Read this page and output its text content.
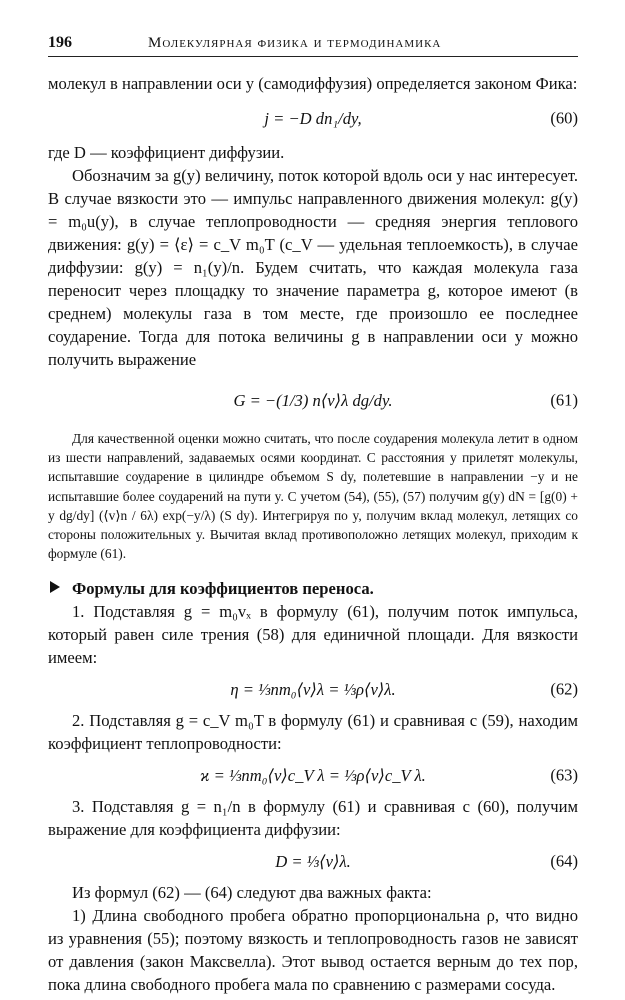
196	Молекулярная физика и термодинамика

молекул в направлении оси y (самодиффузия) определяется законом Фика:

j = −D dn₁/dy,	(60)

где D — коэффициент диффузии.

Обозначим за g(y) величину, поток которой вдоль оси y нас интересует. В случае вязкости это — импульс направленного движения молекул: g(y) = m₀u(y), в случае теплопроводности — средняя энергия теплового движения: g(y) = ⟨ε⟩ = c_V m₀T (c_V — удельная теплоемкость), в случае диффузии: g(y) = n₁(y)/n. Будем считать, что каждая молекула газа переносит через площадку то значение параметра g, которое имеют (в среднем) молекулы газа в том месте, где произошло ее последнее соударение. Тогда для потока величины g в направлении оси y можно получить выражение

G = −(1/3) n⟨v⟩λ dg/dy.	(61)

Для качественной оценки можно считать, что после соударения молекула летит в одном из шести направлений, задаваемых осями координат. С расстояния y прилетят молекулы, испытавшие соударение в цилиндре объемом S dy, полетевшие в направлении −y и не испытавшие более соударений на пути y. С учетом (54), (55), (57) получим g(y) dN = [g(0) + y dg/dy] (⟨v⟩n / 6λ) exp(−y/λ) (S dy). Интегрируя по y, получим вклад молекул, летящих со стороны положительных y. Вычитая вклад противоположно летящих молекул, приходим к формуле (61).

Формулы для коэффициентов переноса.

1. Подставляя g = m₀vₓ в формулу (61), получим поток импульса, который равен силе трения (58) для единичной площади. Для вязкости имеем:

η = ⅓nm₀⟨v⟩λ = ⅓ρ⟨v⟩λ.	(62)

2. Подставляя g = c_V m₀T в формулу (61) и сравнивая с (59), находим коэффициент теплопроводности:

ϰ = ⅓nm₀⟨v⟩c_V λ = ⅓ρ⟨v⟩c_V λ.	(63)

3. Подставляя g = n₁/n в формулу (61) и сравнивая с (60), получим выражение для коэффициента диффузии:

D = ⅓⟨v⟩λ.	(64)

Из формул (62) — (64) следуют два важных факта:

1) Длина свободного пробега обратно пропорциональна ρ, что видно из уравнения (55); поэтому вязкость и теплопроводность газов не зависят от давления (закон Максвелла). Этот вывод остается верным до тех пор, пока длина свободного пробега мала по сравнению с размерами сосуда.
